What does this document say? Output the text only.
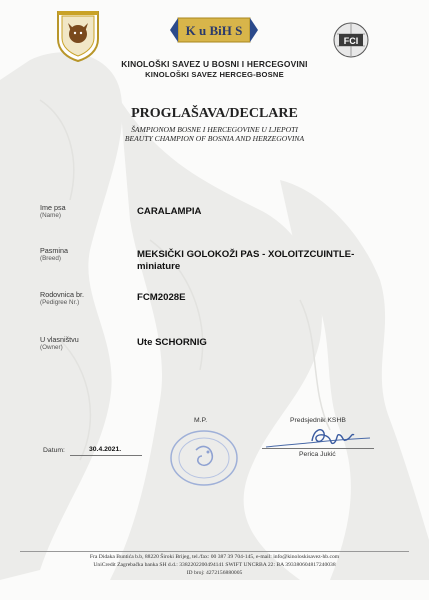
K u BiH S
FCI
KINOLOŠKI SAVEZ U BOSNI I HERCEGOVINI
KINOLOŠKI SAVEZ HERCEG-BOSNE
PROGLAŠAVA/DECLARE
ŠAMPIONOM BOSNE I HERCEGOVINE U LJEPOTI
BEAUTY CHAMPION OF BOSNIA AND HERZEGOVINA
Ime psa
(Name)	CARALAMPIA
Pasmina
(Breed)	MEKSIČKI GOLOKOŽI PAS - XOLOITZCUINTLE-
miniature
Rodovnica br.
(Pedigree Nr.)	FCM2028E
U vlasništvu
(Owner)	Ute SCHORNIG
M.P.	Predsjednik KSHB
Perica Jukić
Datum:	30.4.2021.
Fra Didaka Buntića b.b, 88220 Široki Brijeg, tel./fax: 00 387 39 704-145, e-mail: info@kinoloskisavez-hb.com
UniCredit Zagrebačka banka SH d.d.: 3382202200494141 SWIFT UNCRBA 22: BA 393380604817240038
ID broj: 4272156880005
